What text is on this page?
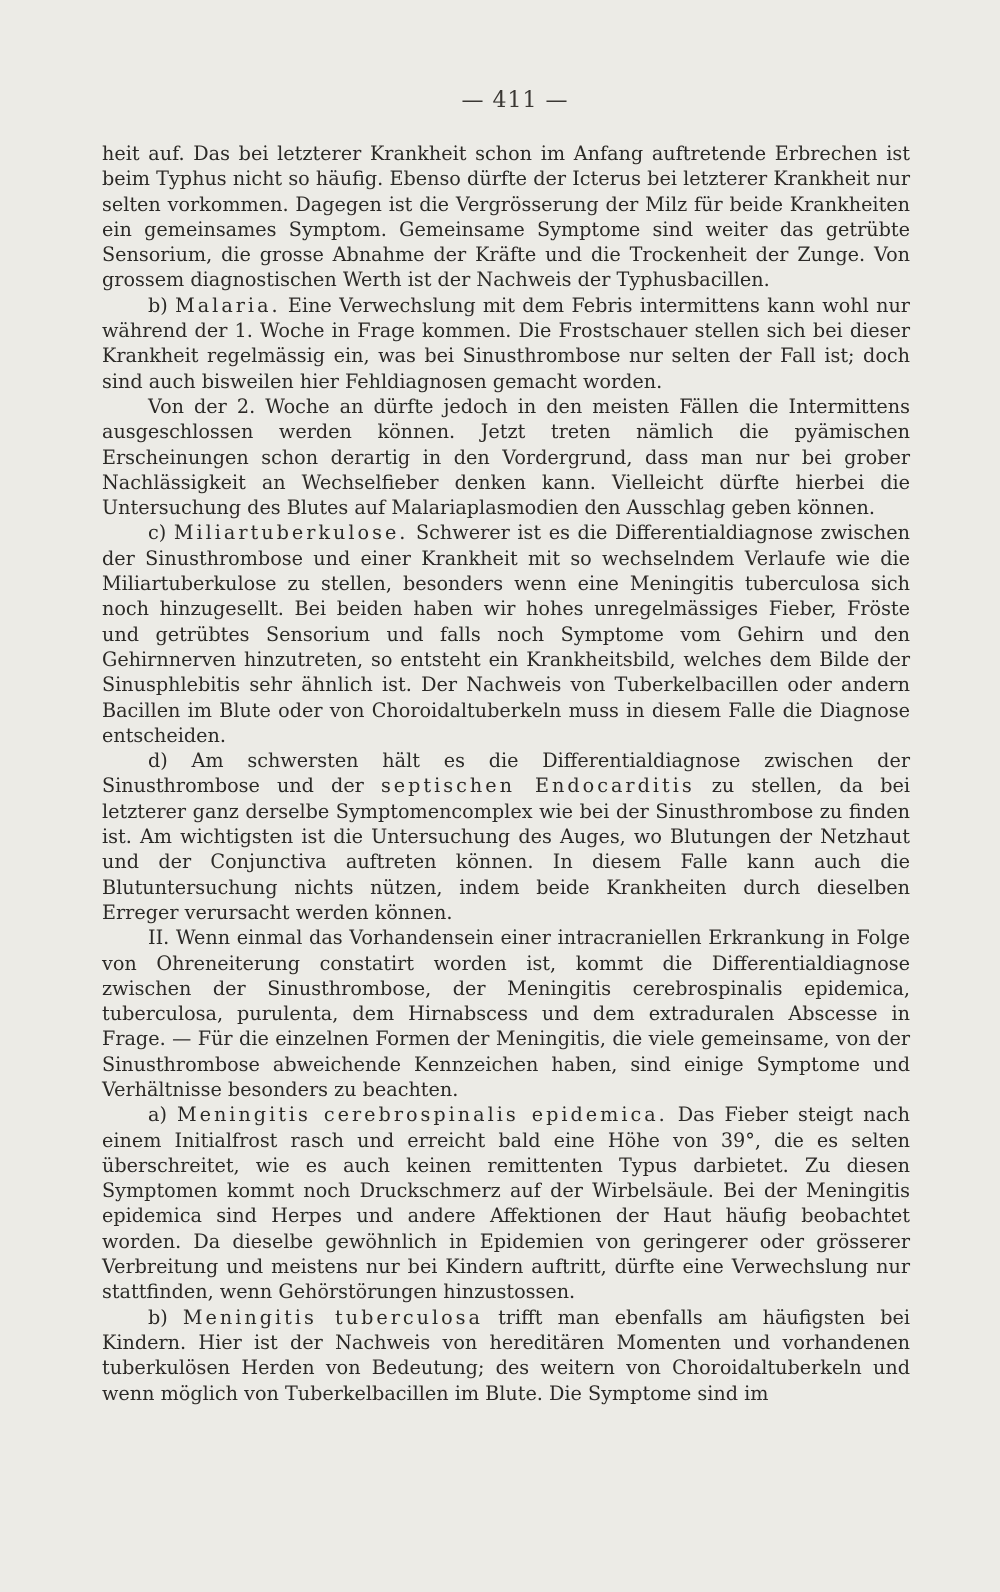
— 411 —

heit auf. Das bei letzterer Krankheit schon im Anfang auftretende Erbrechen ist beim Typhus nicht so häufig. Ebenso dürfte der Icterus bei letzterer Krankheit nur selten vorkommen. Dagegen ist die Vergrösserung der Milz für beide Krankheiten ein gemeinsames Symptom. Gemeinsame Symptome sind weiter das getrübte Sensorium, die grosse Abnahme der Kräfte und die Trockenheit der Zunge. Von grossem diagnostischen Werth ist der Nachweis der Typhusbacillen.

b) Malaria. Eine Verwechslung mit dem Febris intermittens kann wohl nur während der 1. Woche in Frage kommen. Die Frostschauer stellen sich bei dieser Krankheit regelmässig ein, was bei Sinusthrombose nur selten der Fall ist; doch sind auch bisweilen hier Fehldiagnosen gemacht worden.

Von der 2. Woche an dürfte jedoch in den meisten Fällen die Intermittens ausgeschlossen werden können. Jetzt treten nämlich die pyämischen Erscheinungen schon derartig in den Vordergrund, dass man nur bei grober Nachlässigkeit an Wechselfieber denken kann. Vielleicht dürfte hierbei die Untersuchung des Blutes auf Malariaplasmodien den Ausschlag geben können.

c) Miliartuberkulose. Schwerer ist es die Differentialdiagnose zwischen der Sinusthrombose und einer Krankheit mit so wechselndem Verlaufe wie die Miliartuberkulose zu stellen, besonders wenn eine Meningitis tuberculosa sich noch hinzugesellt. Bei beiden haben wir hohes unregelmässiges Fieber, Fröste und getrübtes Sensorium und falls noch Symptome vom Gehirn und den Gehirnnerven hinzutreten, so entsteht ein Krankheitsbild, welches dem Bilde der Sinusphlebitis sehr ähnlich ist. Der Nachweis von Tuberkelbacillen oder andern Bacillen im Blute oder von Choroidaltuberkeln muss in diesem Falle die Diagnose entscheiden.

d) Am schwersten hält es die Differentialdiagnose zwischen der Sinusthrombose und der septischen Endocarditis zu stellen, da bei letzterer ganz derselbe Symptomencomplex wie bei der Sinusthrombose zu finden ist. Am wichtigsten ist die Untersuchung des Auges, wo Blutungen der Netzhaut und der Conjunctiva auftreten können. In diesem Falle kann auch die Blutuntersuchung nichts nützen, indem beide Krankheiten durch dieselben Erreger verursacht werden können.

II. Wenn einmal das Vorhandensein einer intracraniellen Erkrankung in Folge von Ohreneiterung constatirt worden ist, kommt die Differentialdiagnose zwischen der Sinusthrombose, der Meningitis cerebrospinalis epidemica, tuberculosa, purulenta, dem Hirnabscess und dem extraduralen Abscesse in Frage. — Für die einzelnen Formen der Meningitis, die viele gemeinsame, von der Sinusthrombose abweichende Kennzeichen haben, sind einige Symptome und Verhältnisse besonders zu beachten.

a) Meningitis cerebrospinalis epidemica. Das Fieber steigt nach einem Initialfrost rasch und erreicht bald eine Höhe von 39°, die es selten überschreitet, wie es auch keinen remittenten Typus darbietet. Zu diesen Symptomen kommt noch Druckschmerz auf der Wirbelsäule. Bei der Meningitis epidemica sind Herpes und andere Affektionen der Haut häufig beobachtet worden. Da dieselbe gewöhnlich in Epidemien von geringerer oder grösserer Verbreitung und meistens nur bei Kindern auftritt, dürfte eine Verwechslung nur stattfinden, wenn Gehörstörungen hinzustossen.

b) Meningitis tuberculosa trifft man ebenfalls am häufigsten bei Kindern. Hier ist der Nachweis von hereditären Momenten und vorhandenen tuberkulösen Herden von Bedeutung; des weitern von Choroidaltuberkeln und wenn möglich von Tuberkelbacillen im Blute. Die Symptome sind im
